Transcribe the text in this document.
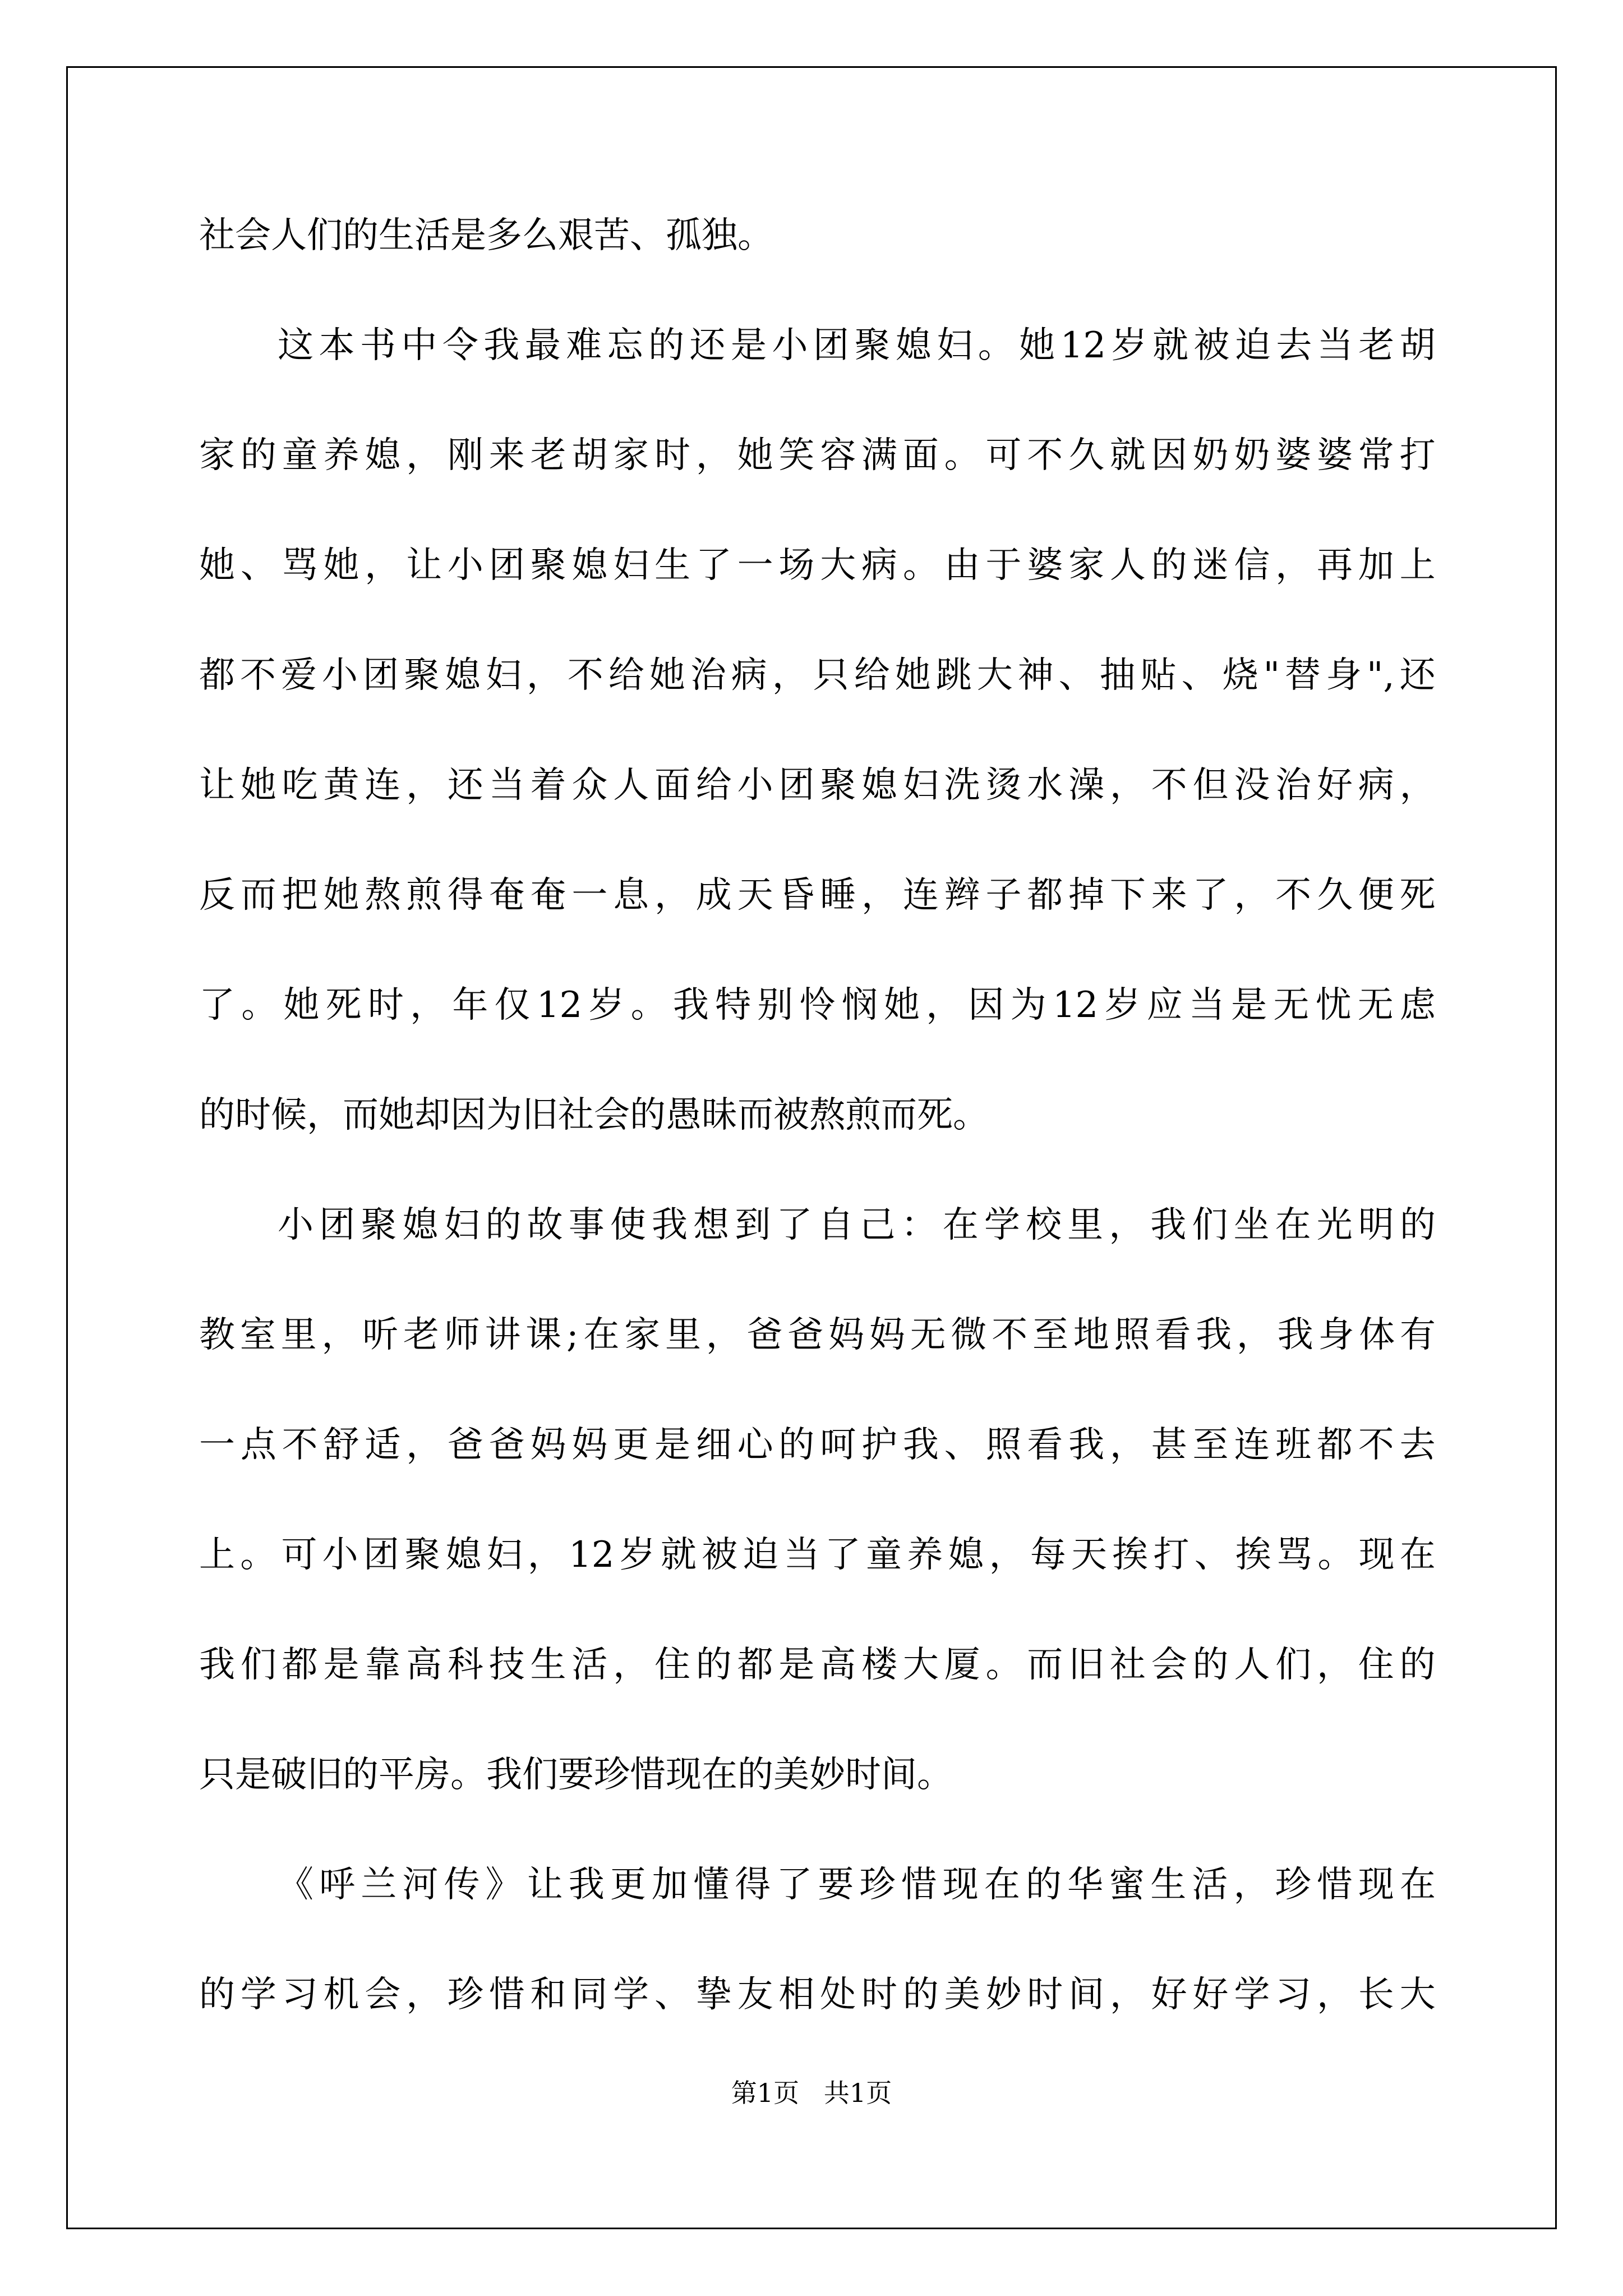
社会人们的生活是多么艰苦、孤独。
这 本 书 中 令 我 最 难 忘 的 还 是 小 团 聚 媳 妇 。 她 12 岁 就 被 迫 去 当 老 胡
家 的 童 养 媳 ， 刚 来 老 胡 家 时 ， 她 笑 容 满 面 。 可 不 久 就 因 奶 奶 婆 婆 常 打
她 、 骂 她 ， 让 小 团 聚 媳 妇 生 了 一 场 大 病 。 由 于 婆 家 人 的 迷 信 ， 再 加 上
都 不 爱 小 团 聚 媳 妇 ， 不 给 她 治 病 ， 只 给 她 跳 大 神 、 抽 贴 、 烧 " 替 身 ", 还
让 她 吃 黄 连 ， 还 当 着 众 人 面 给 小 团 聚 媳 妇 洗 烫 水 澡 ， 不 但 没 治 好 病 ，
反 而 把 她 熬 煎 得 奄 奄 一 息 ， 成 天 昏 睡 ， 连 辫 子 都 掉 下 来 了 ， 不 久 便 死
了 。 她 死 时 ， 年 仅 12 岁 。 我 特 别 怜 悯 她 ， 因 为 12 岁 应 当 是 无 忧 无 虑
的时候，而她却因为旧社会的愚昧而被熬煎而死。
小 团 聚 媳 妇 的 故 事 使 我 想 到 了 自 己 ： 在 学 校 里 ， 我 们 坐 在 光 明 的
教 室 里 ， 听 老 师 讲 课 ; 在 家 里 ， 爸 爸 妈 妈 无 微 不 至 地 照 看 我 ， 我 身 体 有
一 点 不 舒 适 ， 爸 爸 妈 妈 更 是 细 心 的 呵 护 我 、 照 看 我 ， 甚 至 连 班 都 不 去
上 。 可 小 团 聚 媳 妇 ， 12 岁 就 被 迫 当 了 童 养 媳 ， 每 天 挨 打 、 挨 骂 。 现 在
我 们 都 是 靠 高 科 技 生 活 ， 住 的 都 是 高 楼 大 厦 。 而 旧 社 会 的 人 们 ， 住 的
只是破旧的平房。我们要珍惜现在的美妙时间。
《 呼 兰 河 传 》 让 我 更 加 懂 得 了 要 珍 惜 现 在 的 华 蜜 生 活 ， 珍 惜 现 在
的 学 习 机 会 ， 珍 惜 和 同 学 、 挚 友 相 处 时 的 美 妙 时 间 ， 好 好 学 习 ， 长 大
第1页   共1页
